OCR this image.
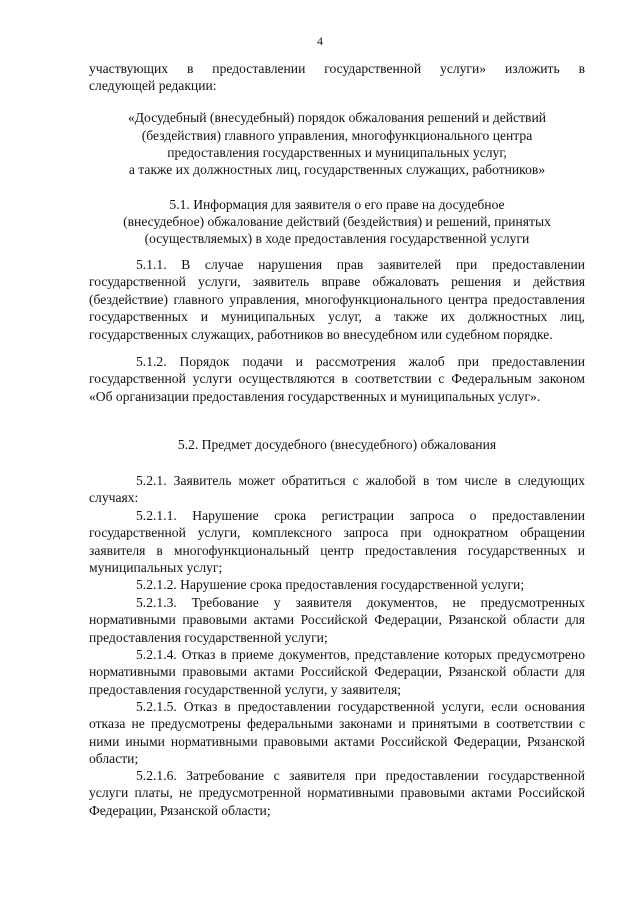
4
участвующих в предоставлении государственной услуги» изложить в
следующей редакции:
«Досудебный (внесудебный) порядок обжалования решений и действий
(бездействия) главного управления, многофункционального центра
предоставления государственных и муниципальных услуг,
а также их должностных лиц, государственных служащих, работников»
5.1. Информация для заявителя о его праве на досудебное
(внесудебное) обжалование действий (бездействия) и решений, принятых
(осуществляемых) в ходе предоставления государственной услуги

5.1.1. В случае нарушения прав заявителей при предоставлении государственной услуги, заявитель вправе обжаловать решения и действия (бездействие) главного управления, многофункционального центра предоставления государственных и муниципальных услуг, а также их должностных лиц, государственных служащих, работников во внесудебном или судебном порядке.

5.1.2. Порядок подачи и рассмотрения жалоб при предоставлении государственной услуги осуществляются в соответствии с Федеральным законом «Об организации предоставления государственных и муниципальных услуг».

5.2. Предмет досудебного (внесудебного) обжалования

5.2.1. Заявитель может обратиться с жалобой в том числе в следующих случаях:

5.2.1.1. Нарушение срока регистрации запроса о предоставлении государственной услуги, комплексного запроса при однократном обращении заявителя в многофункциональный центр предоставления государственных и муниципальных услуг;

5.2.1.2. Нарушение срока предоставления государственной услуги;

5.2.1.3. Требование у заявителя документов, не предусмотренных нормативными правовыми актами Российской Федерации, Рязанской области для предоставления государственной услуги;

5.2.1.4. Отказ в приеме документов, представление которых предусмотрено нормативными правовыми актами Российской Федерации, Рязанской области для предоставления государственной услуги, у заявителя;

5.2.1.5. Отказ в предоставлении государственной услуги, если основания отказа не предусмотрены федеральными законами и принятыми в соответствии с ними иными нормативными правовыми актами Российской Федерации, Рязанской области;

5.2.1.6. Затребование с заявителя при предоставлении государственной услуги платы, не предусмотренной нормативными правовыми актами Российской Федерации, Рязанской области;
